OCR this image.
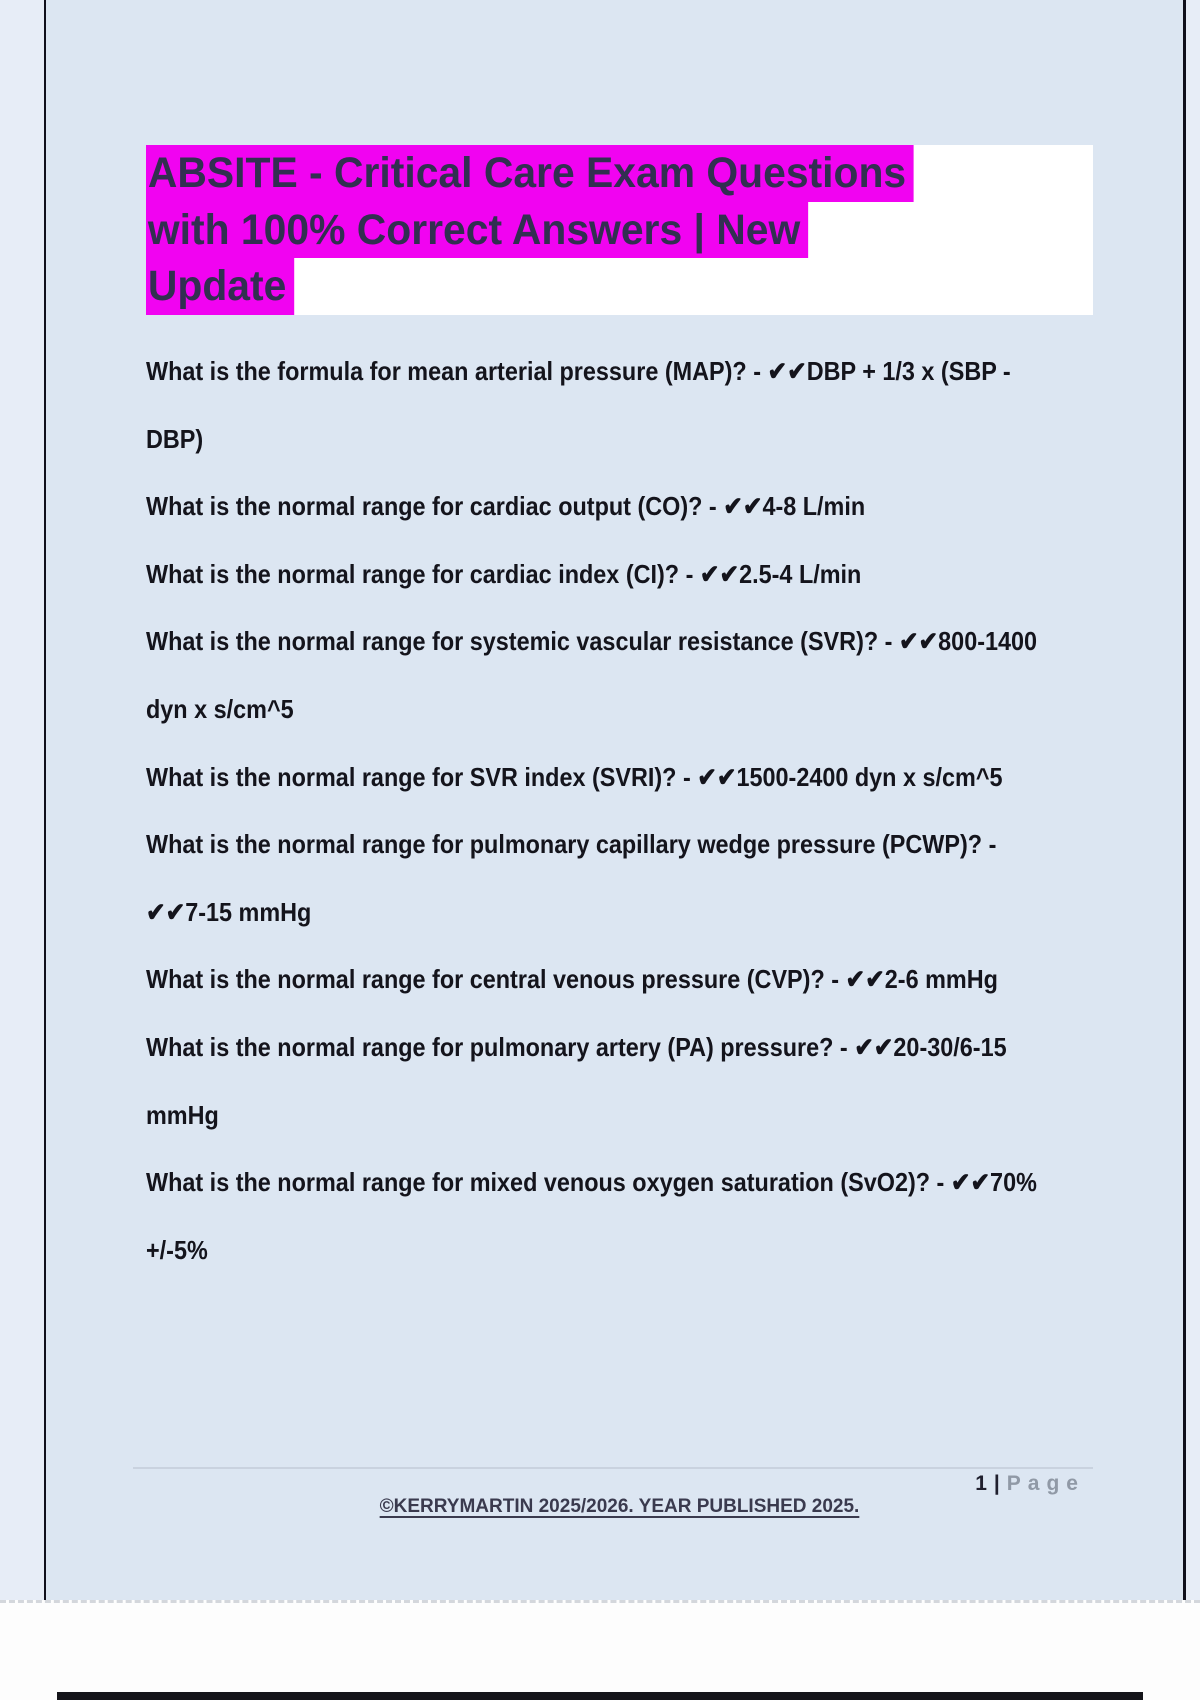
ABSITE - Critical Care Exam Questions
with 100% Correct Answers | New
Update
What is the formula for mean arterial pressure (MAP)? - ✔✔DBP + 1/3 x (SBP -
DBP)
What is the normal range for cardiac output (CO)? - ✔✔4-8 L/min
What is the normal range for cardiac index (CI)? - ✔✔2.5-4 L/min
What is the normal range for systemic vascular resistance (SVR)? - ✔✔800-1400
dyn x s/cm^5
What is the normal range for SVR index (SVRI)? - ✔✔1500-2400 dyn x s/cm^5
What is the normal range for pulmonary capillary wedge pressure (PCWP)? -
✔✔7-15 mmHg
What is the normal range for central venous pressure (CVP)? - ✔✔2-6 mmHg
What is the normal range for pulmonary artery (PA) pressure? - ✔✔20-30/6-15
mmHg
What is the normal range for mixed venous oxygen saturation (SvO2)? - ✔✔70%
+/-5%
1 | Page
©KERRYMARTIN 2025/2026. YEAR PUBLISHED 2025.
